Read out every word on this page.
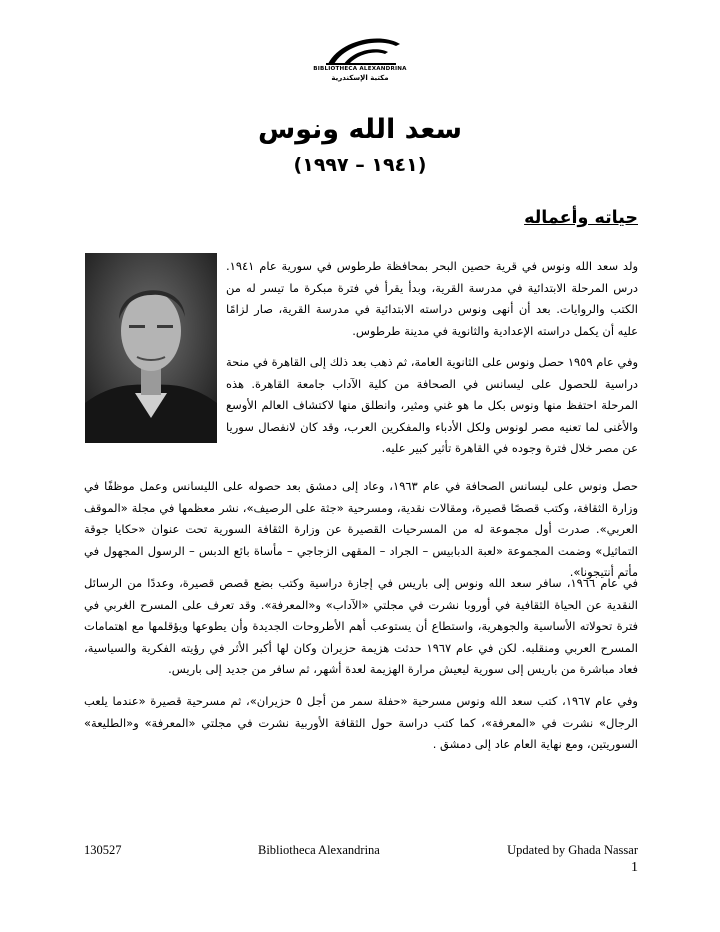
BIBLIOTHECA ALEXANDRINA
مكتبة الإسكندرية
سعد الله ونوس
(١٩٤١ – ١٩٩٧)
حياته وأعماله
ولد سعد الله ونوس في قرية حصين البحر بمحافظة طرطوس في سورية عام ١٩٤١. درس المرحلة الابتدائية في مدرسة القرية، وبدأ يقرأ في فترة مبكرة ما تيسر له من الكتب والروايات. بعد أن أنهى ونوس دراسته الابتدائية في مدرسة القرية، صار لزامًا عليه أن يكمل دراسته الإعدادية والثانوية في مدينة طرطوس.
وفي عام ١٩٥٩ حصل ونوس على الثانوية العامة، ثم ذهب بعد ذلك إلى القاهرة في منحة دراسية للحصول على ليسانس في الصحافة من كلية الآداب جامعة القاهرة. هذه المرحلة احتفظ منها ونوس بكل ما هو غني ومثير، وانطلق منها لاكتشاف العالم الأوسع والأغنى لما تعنيه مصر لونوس ولكل الأدباء والمفكرين العرب، وقد كان لانفصال سوريا عن مصر خلال فترة وجوده في القاهرة تأثير كبير عليه.
حصل ونوس على ليسانس الصحافة في عام ١٩٦٣، وعاد إلى دمشق بعد حصوله على الليسانس وعمل موظفًا في وزارة الثقافة، وكتب قصصًا قصيرة، ومقالات نقدية، ومسرحية «جثة على الرصيف»، نشر معظمها في مجلة «الموقف العربي». صدرت أول مجموعة له من المسرحيات القصيرة عن وزارة الثقافة السورية تحت عنوان «حكايا جوقة التماثيل» وضمت المجموعة «لعبة الدبابيس – الجراد – المقهى الزجاجي – مأساة بائع الدبس – الرسول المجهول في مأتم أنتيجونا».
في عام ١٩٦٦، سافر سعد الله ونوس إلى باريس في إجازة دراسية وكتب بضع قصص قصيرة، وعددًا من الرسائل النقدية عن الحياة الثقافية في أوروبا نشرت في مجلتي «الآداب» و«المعرفة». وقد تعرف على المسرح الغربي في فترة تحولاته الأساسية والجوهرية، واستطاع أن يستوعب أهم الأطروحات الجديدة وأن يطوعها ويؤقلمها مع اهتمامات المسرح العربي ومنقلبه. لكن في عام ١٩٦٧ حدثت هزيمة حزيران وكان لها أكبر الأثر في رؤيته الفكرية والسياسية، فعاد مباشرة من باريس إلى سورية ليعيش مرارة الهزيمة لعدة أشهر، ثم سافر من جديد إلى باريس.
وفي عام ١٩٦٧، كتب سعد الله ونوس مسرحية «حفلة سمر من أجل ٥ حزيران»، ثم مسرحية قصيرة «عندما يلعب الرجال» نشرت في «المعرفة»، كما كتب دراسة حول الثقافة الأوربية نشرت في مجلتي «المعرفة» و«الطليعة» السوريتين، ومع نهاية العام عاد إلى دمشق .
130527	Bibliotheca Alexandrina	Updated by Ghada Nassar
1
